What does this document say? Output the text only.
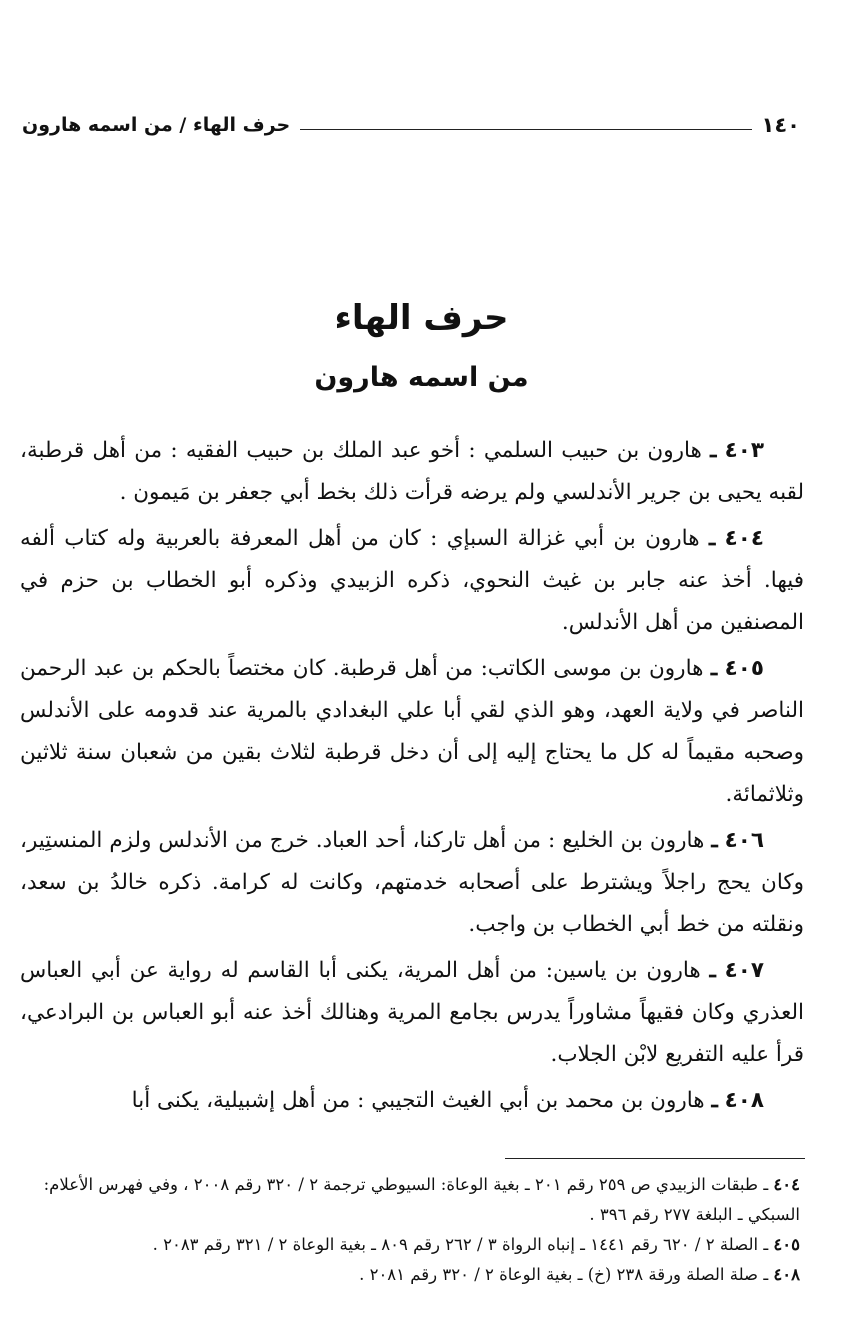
١٤٠
حرف الهاء / من اسمه هارون
حرف الهاء
من اسمه هارون

٤٠٣ ـ هارون بن حبيب السلمي : أخو عبد الملك بن حبيب الفقيه : من أهل قرطبة، لقبه يحيى بن جرير الأندلسي ولم يرضه قرأت ذلك بخط أبي جعفر بن مَيمون .

٤٠٤ ـ هارون بن أبي غزالة السبإي : كان من أهل المعرفة بالعربية وله كتاب ألفه فيها. أخذ عنه جابر بن غيث النحوي، ذكره الزبيدي وذكره أبو الخطاب بن حزم في المصنفين من أهل الأندلس.

٤٠٥ ـ هارون بن موسى الكاتب: من أهل قرطبة. كان مختصاً بالحكم بن عبد الرحمن الناصر في ولاية العهد، وهو الذي لقي أبا علي البغدادي بالمرية عند قدومه على الأندلس وصحبه مقيماً له كل ما يحتاج إليه إلى أن دخل قرطبة لثلاث بقين من شعبان سنة ثلاثين وثلاثمائة.

٤٠٦ ـ هارون بن الخليع : من أهل تاركنا، أحد العباد. خرج من الأندلس ولزم المنستِير، وكان يحج راجلاً ويشترط على أصحابه خدمتهم، وكانت له كرامة. ذكره خالدُ بن سعد، ونقلته من خط أبي الخطاب بن واجب.

٤٠٧ ـ هارون بن ياسين: من أهل المرية، يكنى أبا القاسم له رواية عن أبي العباس العذري وكان فقيهاً مشاوراً يدرس بجامع المرية وهنالك أخذ عنه أبو العباس بن البرادعي، قرأ عليه التفريع لابْن الجلاب.

٤٠٨ ـ هارون بن محمد بن أبي الغيث التجيبي : من أهل إشبيلية، يكنى أبا

٤٠٤ ـ طبقات الزبيدي ص ٢٥٩ رقم ٢٠١ ـ بغية الوعاة: السيوطي ترجمة ٢ / ٣٢٠ رقم ٢٠٠٨ ، وفي فهرس الأعلام: السبكي ـ البلغة ٢٧٧ رقم ٣٩٦ .

٤٠٥ ـ الصلة ٢ / ٦٢٠ رقم ١٤٤١ ـ إنباه الرواة ٣ / ٢٦٢ رقم ٨٠٩ ـ بغية الوعاة ٢ / ٣٢١ رقم ٢٠٨٣ .

٤٠٨ ـ صلة الصلة ورقة ٢٣٨ (خ) ـ بغية الوعاة ٢ / ٣٢٠ رقم ٢٠٨١ .
